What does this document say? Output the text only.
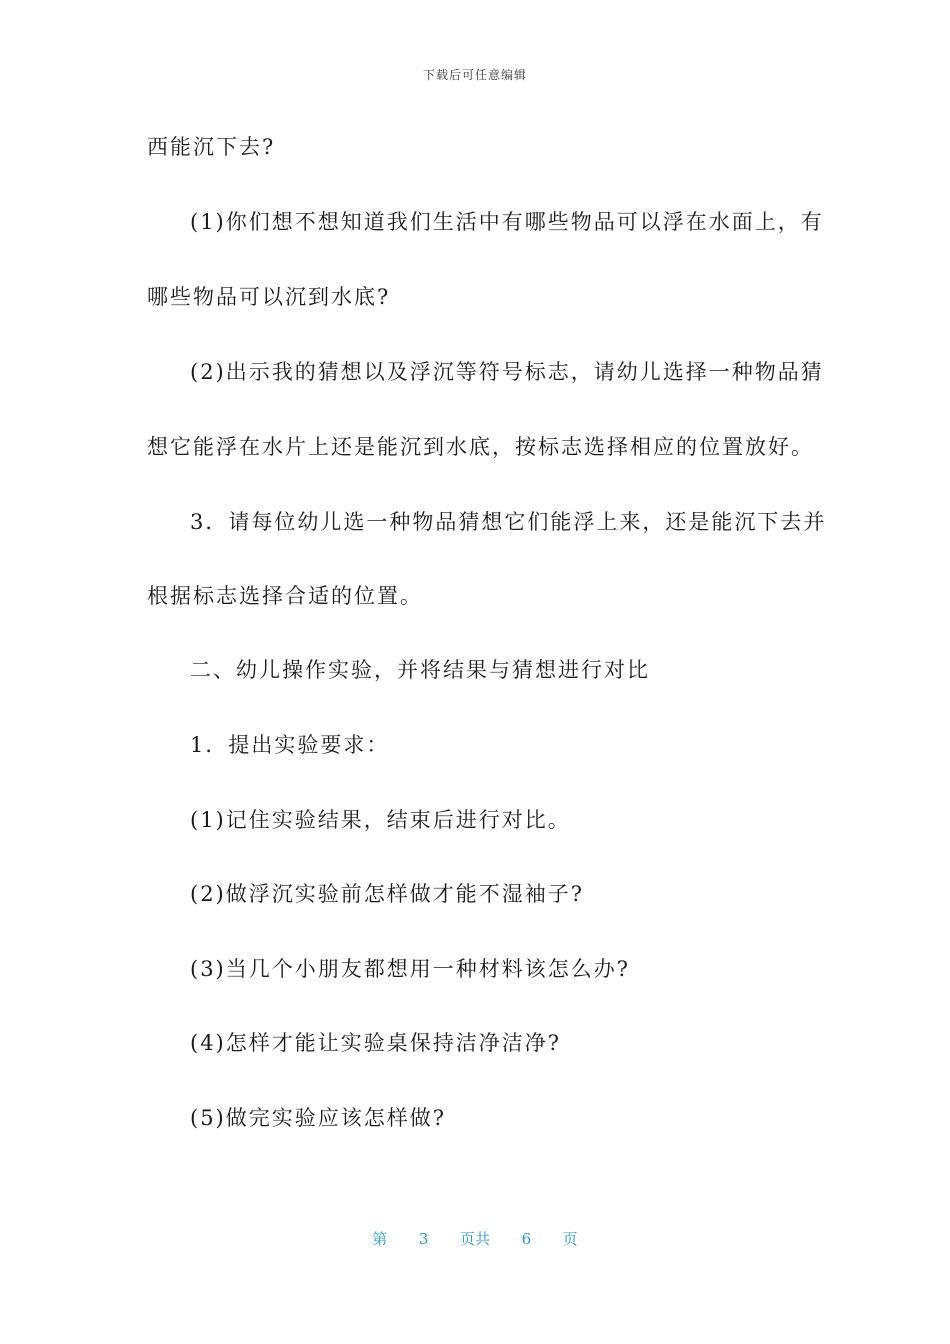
下载后可任意编辑
西能沉下去?
(1)你们想不想知道我们生活中有哪些物品可以浮在水面上，有
哪些物品可以沉到水底?
(2)出示我的猜想以及浮沉等符号标志，请幼儿选择一种物品猜
想它能浮在水片上还是能沉到水底，按标志选择相应的位置放好。
3．请每位幼儿选一种物品猜想它们能浮上来，还是能沉下去并
根据标志选择合适的位置。
二、幼儿操作实验，并将结果与猜想进行对比
1．提出实验要求：
(1)记住实验结果，结束后进行对比。
(2)做浮沉实验前怎样做才能不湿袖子?
(3)当几个小朋友都想用一种材料该怎么办?
(4)怎样才能让实验桌保持洁净洁净?
(5)做完实验应该怎样做?
第 3 页共 6 页
